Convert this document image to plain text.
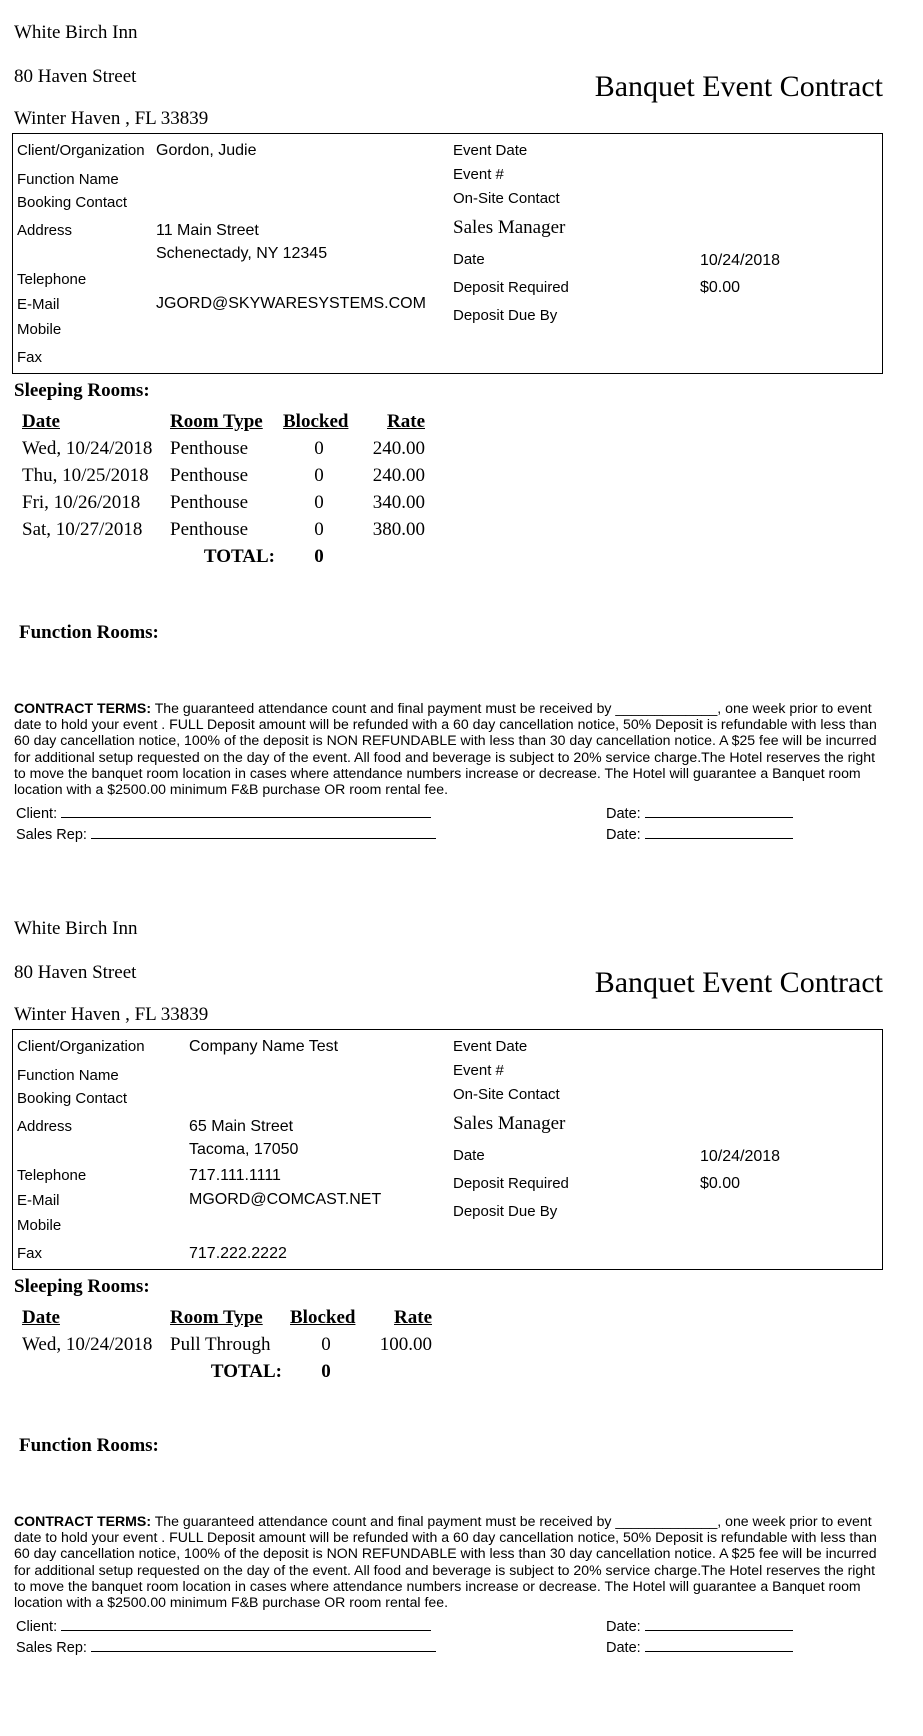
White Birch Inn
80 Haven Street
Winter Haven , FL 33839
Banquet Event Contract
Client/Organization Gordon, Judie
Function Name
Booking Contact
Address	11 Main Street
Schenectady, NY 12345
Telephone
E-Mail	JGORD@SKYWARESYSTEMS.COM
Mobile
Fax
Event Date
Event #
On-Site Contact
Sales Manager
Date	10/24/2018
Deposit Required	$0.00
Deposit Due By
Sleeping Rooms:
Date	Room Type	Blocked	Rate
Wed, 10/24/2018	Penthouse	0	240.00
Thu, 10/25/2018	Penthouse	0	240.00
Fri, 10/26/2018	Penthouse	0	340.00
Sat, 10/27/2018	Penthouse	0	380.00
	TOTAL:	0	
Function Rooms:

CONTRACT TERMS: The guaranteed attendance count and final payment must be received by _____________, one week prior to event date to hold your event . FULL Deposit amount will be refunded with a 60 day cancellation notice, 50% Deposit is refundable with less than 60 day cancellation notice, 100% of the deposit is NON REFUNDABLE with less than 30 day cancellation notice. A $25 fee will be incurred for additional setup requested on the day of the event. All food and beverage is subject to 20% service charge.The Hotel reserves the right to move the banquet room location in cases where attendance numbers increase or decrease. The Hotel will guarantee a Banquet room location with a $2500.00 minimum F&B purchase OR room rental fee.

Client:
Sales Rep:
Date:
Date:
White Birch Inn
80 Haven Street
Winter Haven , FL 33839
Banquet Event Contract
Client/Organization	Company Name Test
Function Name
Booking Contact
Address	65 Main Street
Tacoma, 17050
Telephone	717.111.1111
E-Mail	MGORD@COMCAST.NET
Mobile
Fax	717.222.2222
Event Date
Event #
On-Site Contact
Sales Manager
Date	10/24/2018
Deposit Required	$0.00
Deposit Due By
Sleeping Rooms:
Date	Room Type	Blocked	Rate
Wed, 10/24/2018	Pull Through	0	100.00
	TOTAL:	0	
Function Rooms:

CONTRACT TERMS: The guaranteed attendance count and final payment must be received by _____________, one week prior to event date to hold your event . FULL Deposit amount will be refunded with a 60 day cancellation notice, 50% Deposit is refundable with less than 60 day cancellation notice, 100% of the deposit is NON REFUNDABLE with less than 30 day cancellation notice. A $25 fee will be incurred for additional setup requested on the day of the event. All food and beverage is subject to 20% service charge.The Hotel reserves the right to move the banquet room location in cases where attendance numbers increase or decrease. The Hotel will guarantee a Banquet room location with a $2500.00 minimum F&B purchase OR room rental fee.

Client:
Sales Rep:
Date:
Date:
